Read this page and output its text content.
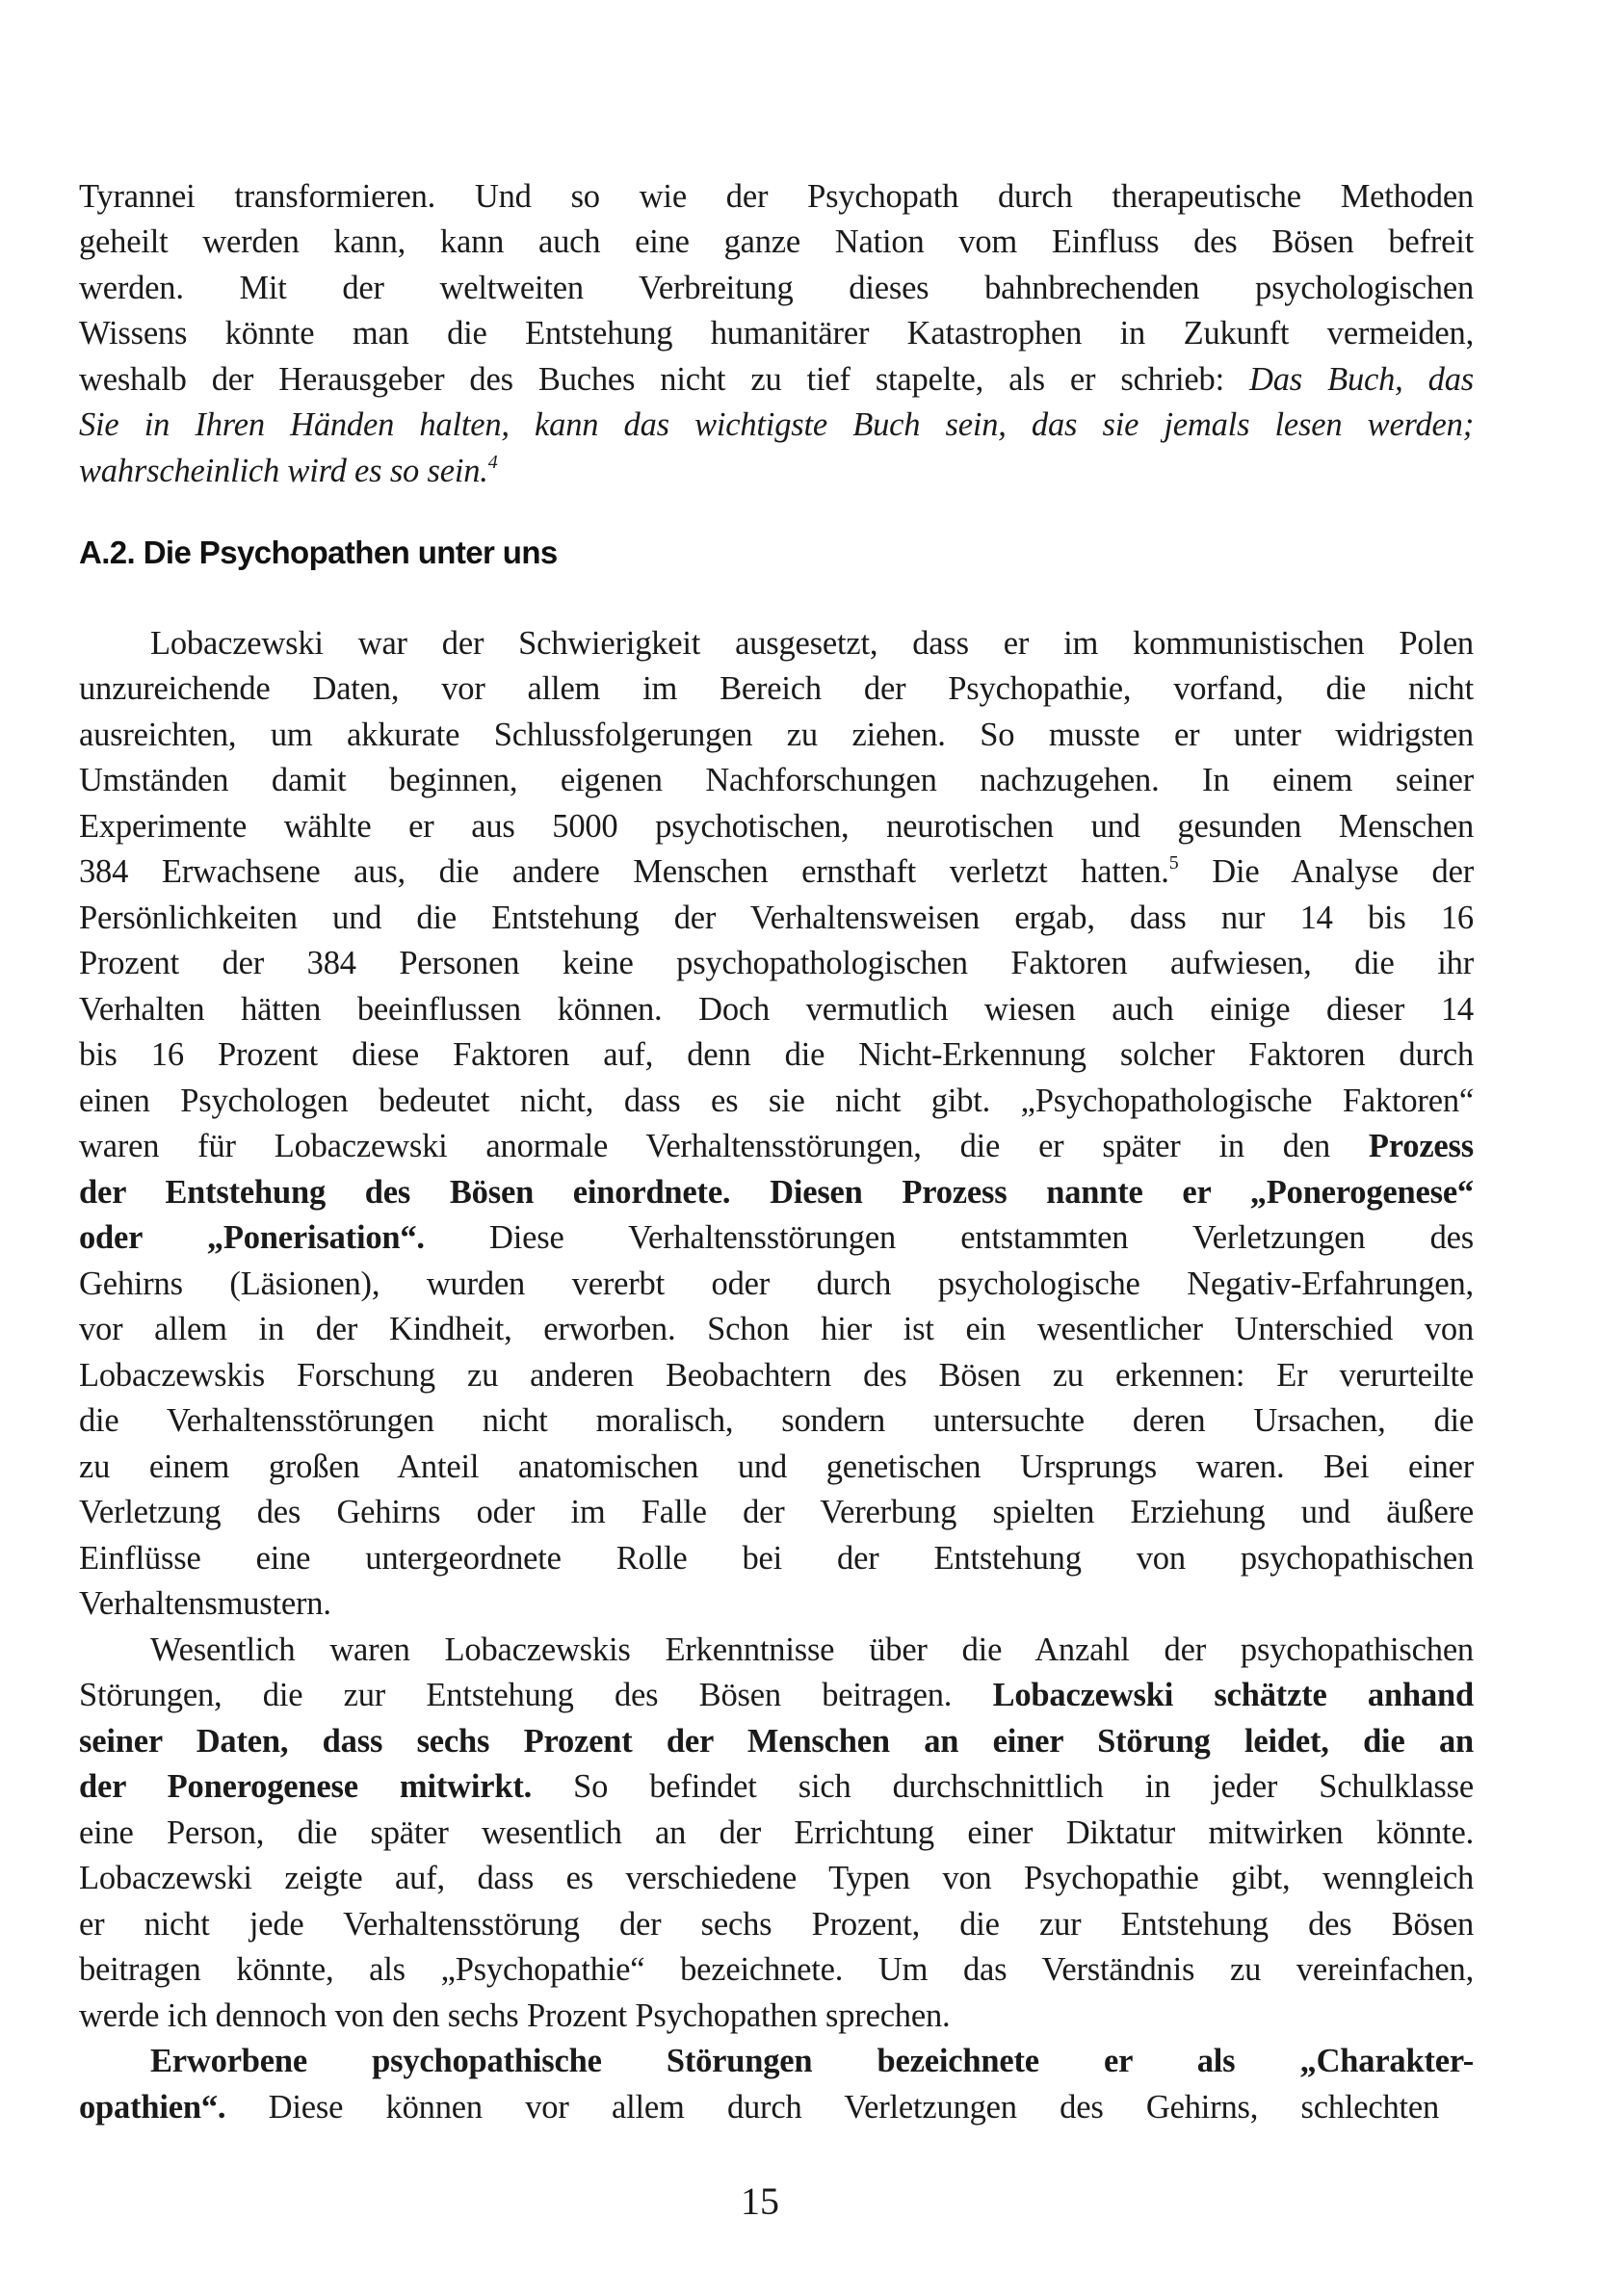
Tyrannei transformieren. Und so wie der Psychopath durch therapeutische Methoden
geheilt werden kann, kann auch eine ganze Nation vom Einfluss des Bösen befreit
werden. Mit der weltweiten Verbreitung dieses bahnbrechenden psychologischen
Wissens könnte man die Entstehung humanitärer Katastrophen in Zukunft vermeiden,
weshalb der Herausgeber des Buches nicht zu tief stapelte, als er schrieb: Das Buch, das
Sie in Ihren Händen halten, kann das wichtigste Buch sein, das sie jemals lesen werden;
wahrscheinlich wird es so sein.$^4$
A.2. Die Psychopathen unter uns
Lobaczewski war der Schwierigkeit ausgesetzt, dass er im kommunistischen Polen
unzureichende Daten, vor allem im Bereich der Psychopathie, vorfand, die nicht
ausreichten, um akkurate Schlussfolgerungen zu ziehen. So musste er unter widrigsten
Umständen damit beginnen, eigenen Nachforschungen nachzugehen. In einem seiner
Experimente wählte er aus 5000 psychotischen, neurotischen und gesunden Menschen
384 Erwachsene aus, die andere Menschen ernsthaft verletzt hatten.$^5$ Die Analyse der
Persönlichkeiten und die Entstehung der Verhaltensweisen ergab, dass nur 14 bis 16
Prozent der 384 Personen keine psychopathologischen Faktoren aufwiesen, die ihr
Verhalten hätten beeinflussen können. Doch vermutlich wiesen auch einige dieser 14
bis 16 Prozent diese Faktoren auf, denn die Nicht-Erkennung solcher Faktoren durch
einen Psychologen bedeutet nicht, dass es sie nicht gibt. „Psychopathologische Faktoren“
waren für Lobaczewski anormale Verhaltensstörungen, die er später in den Prozess
der Entstehung des Bösen einordnete. Diesen Prozess nannte er „Ponerogenese“
oder „Ponerisation“. Diese Verhaltensstörungen entstammten Verletzungen des
Gehirns (Läsionen), wurden vererbt oder durch psychologische Negativ-Erfahrungen,
vor allem in der Kindheit, erworben. Schon hier ist ein wesentlicher Unterschied von
Lobaczewskis Forschung zu anderen Beobachtern des Bösen zu erkennen: Er verurteilte
die Verhaltensstörungen nicht moralisch, sondern untersuchte deren Ursachen, die
zu einem großen Anteil anatomischen und genetischen Ursprungs waren. Bei einer
Verletzung des Gehirns oder im Falle der Vererbung spielten Erziehung und äußere
Einflüsse eine untergeordnete Rolle bei der Entstehung von psychopathischen
Verhaltensmustern.
Wesentlich waren Lobaczewskis Erkenntnisse über die Anzahl der psychopathischen
Störungen, die zur Entstehung des Bösen beitragen. Lobaczewski schätzte anhand
seiner Daten, dass sechs Prozent der Menschen an einer Störung leidet, die an
der Ponerogenese mitwirkt. So befindet sich durchschnittlich in jeder Schulklasse
eine Person, die später wesentlich an der Errichtung einer Diktatur mitwirken könnte.
Lobaczewski zeigte auf, dass es verschiedene Typen von Psychopathie gibt, wenngleich
er nicht jede Verhaltensstörung der sechs Prozent, die zur Entstehung des Bösen
beitragen könnte, als „Psychopathie“ bezeichnete. Um das Verständnis zu vereinfachen,
werde ich dennoch von den sechs Prozent Psychopathen sprechen.
Erworbene psychopathische Störungen bezeichnete er als „Charakter-
opathien“. Diese können vor allem durch Verletzungen des Gehirns, schlechten
15
